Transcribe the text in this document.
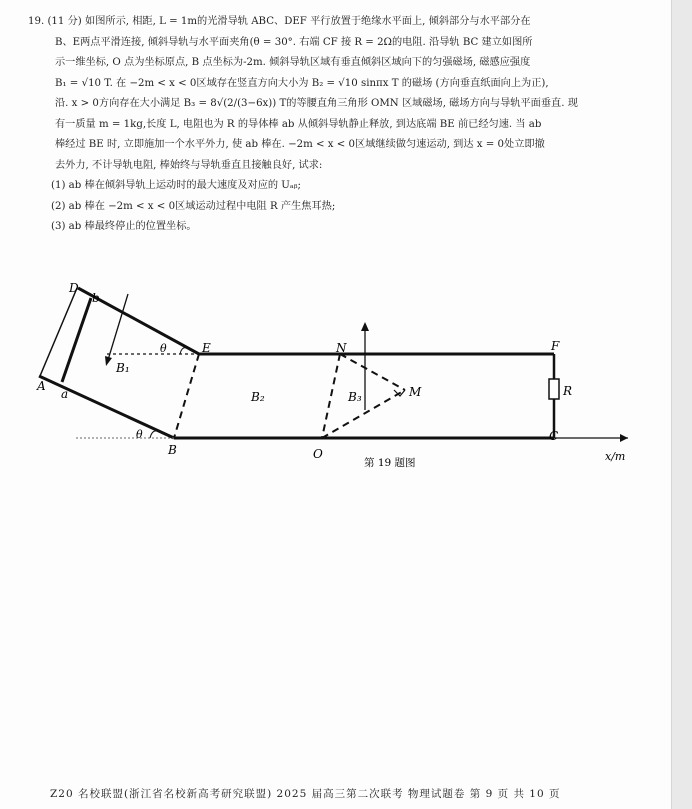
19. (11 分) 如图所示, 相距, L = 1m的光滑导轨 ABC、DEF 平行放置于绝缘水平面上, 倾斜部分与水平部分在
B、E两点平滑连接, 倾斜导轨与水平面夹角(θ = 30°. 右端 CF 接 R = 2Ω的电阻. 沿导轨 BC 建立如图所
示一维坐标, O 点为坐标原点, B 点坐标为-2m. 倾斜导轨区域有垂直倾斜区域向下的匀强磁场, 磁感应强度
B₁ = √10 T. 在 −2m < x < 0区域存在竖直方向大小为 B₂ = √10 sinπx T 的磁场 (方向垂直纸面向上为正),
沿. x > 0方向存在大小满足 B₃ = 8√(2/(3−6x)) T的等腰直角三角形 OMN 区域磁场, 磁场方向与导轨平面垂直. 现
有一质量 m = 1kg,长度 L, 电阻也为 R 的导体棒 ab 从倾斜导轨静止释放, 到达底端 BE 前已经匀速. 当 ab
棒经过 BE 时, 立即施加一个水平外力, 使 ab 棒在. −2m < x < 0区域继续做匀速运动, 到达 x = 0处立即撤
去外力, 不计导轨电阻, 棒始终与导轨垂直且接触良好, 试求:
(1) ab 棒在倾斜导轨上运动时的最大速度及对应的 Uₐᵦ;
(2) ab 棒在 −2m < x < 0区域运动过程中电阻 R 产生焦耳热;
(3) ab 棒最终停止的位置坐标。
A
a
D
b
E
B
N
O
M
F
C
R
θ
θ
B₁
B₂	B₃
x/m
第 19 题图
Z20 名校联盟(浙江省名校新高考研究联盟) 2025 届高三第二次联考 物理试题卷 第 9 页 共 10 页
